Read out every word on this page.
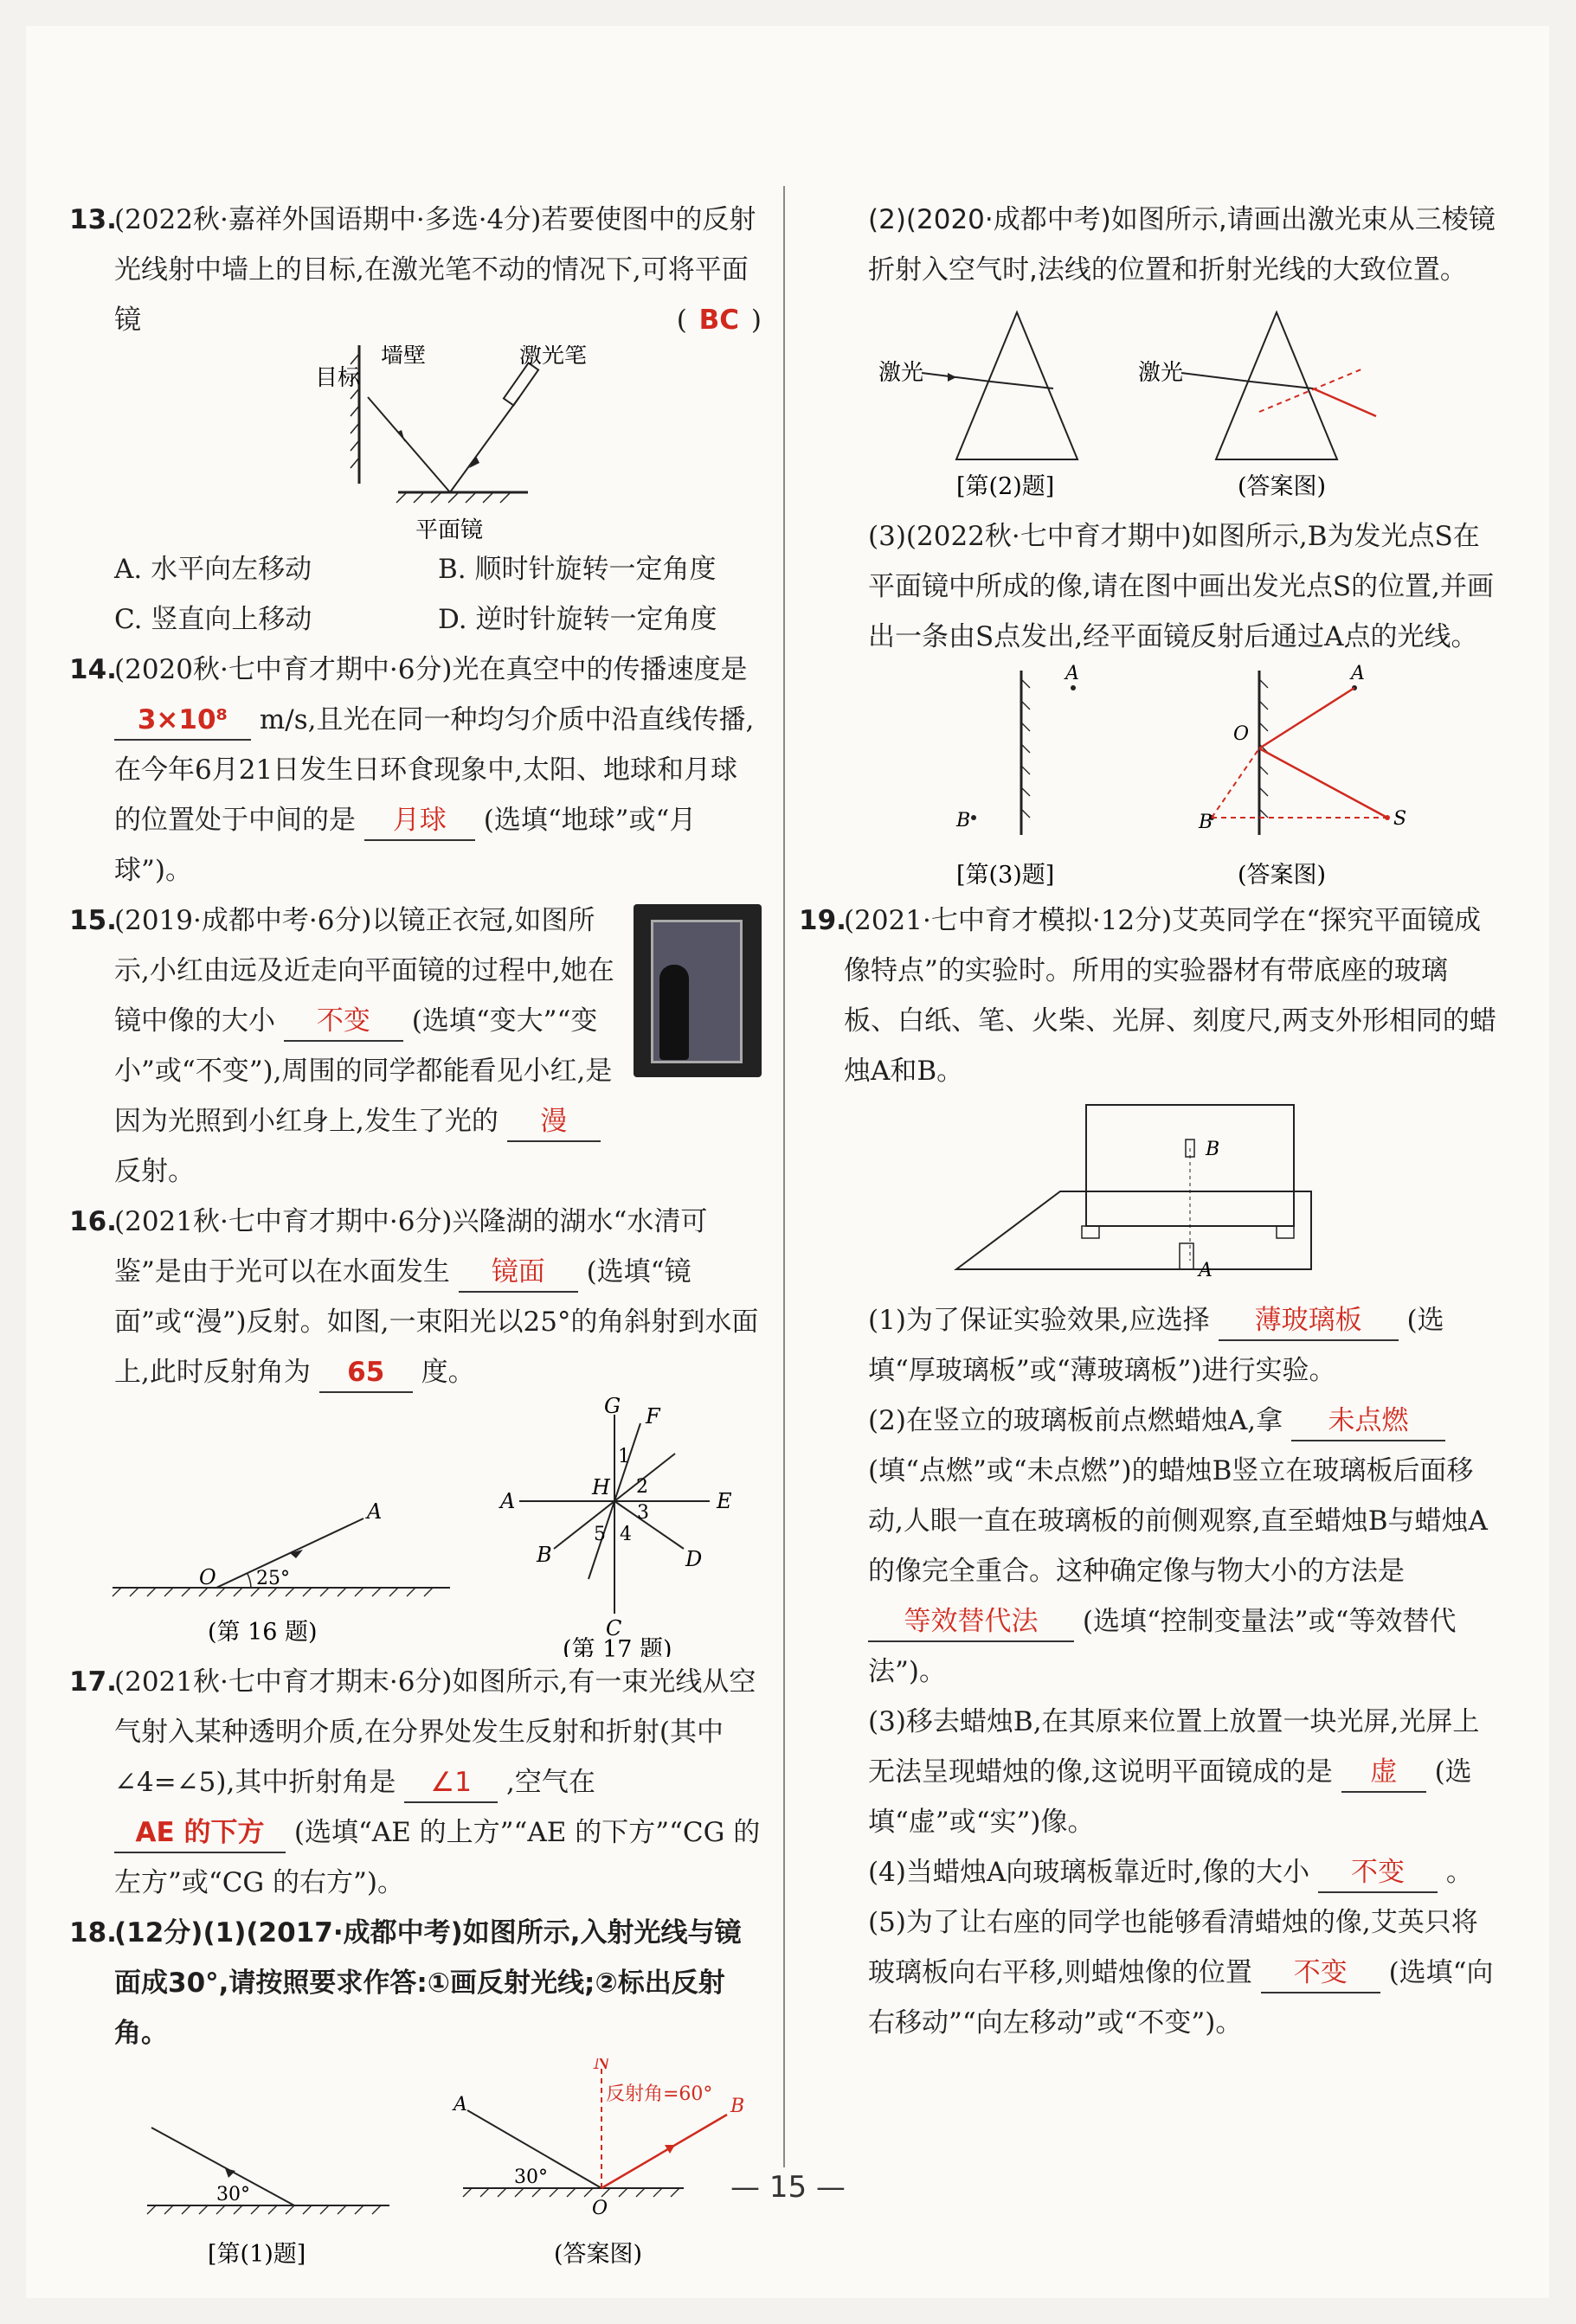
13.
(2022秋·嘉祥外国语期中·多选·4分)若要使图中的反射光线射中墙上的目标,在激光笔不动的情况下,可将平面镜	( BC )
目标
墙壁	激光笔
平面镜
A. 水平向左移动	B. 顺时针旋转一定角度
C. 竖直向上移动	D. 逆时针旋转一定角度
14.
(2020秋·七中育才期中·6分)光在真空中的传播速度是 3×10⁸ m/s,且光在同一种均匀介质中沿直线传播,在今年6月21日发生日环食现象中,太阳、地球和月球的位置处于中间的是 月球 (选填“地球”或“月球”)。
15.
(2019·成都中考·6分)以镜正衣冠,如图所示,小红由远及近走向平面镜的过程中,她在镜中像的大小 不变 (选填“变大”“变小”或“不变”),周围的同学都能看见小红,是因为光照到小红身上,发生了光的 漫 反射。
16.
(2021秋·七中育才期中·6分)兴隆湖的湖水“水清可鉴”是由于光可以在水面发生 镜面 (选填“镜面”或“漫”)反射。如图,一束阳光以25°的角斜射到水面上,此时反射角为 65 度。
O
A
25°
(第 16 题)
G F
A	E
H
B	D
C
1
2
3
4
5
(第 17 题)
17.
(2021秋·七中育才期末·6分)如图所示,有一束光线从空气射入某种透明介质,在分界处发生反射和折射(其中∠4=∠5),其中折射角是 ∠1 ,空气在 AE 的下方 (选填“AE 的上方”“AE 的下方”“CG 的左方”或“CG 的右方”)。
18.
(12分)(1)(2017·成都中考)如图所示,入射光线与镜面成30°,请按照要求作答:①画反射光线;②标出反射角。
30°
[第(1)题]
A
N
B
O
30°
反射角=60°
(答案图)
(2)(2020·成都中考)如图所示,请画出激光束从三棱镜折射入空气时,法线的位置和折射光线的大致位置。
激光
[第(2)题]
激光
(答案图)
(3)(2022秋·七中育才期中)如图所示,B为发光点S在平面镜中所成的像,请在图中画出发光点S的位置,并画出一条由S点发出,经平面镜反射后通过A点的光线。
A
B
A
B	S
O
[第(3)题]	(答案图)
19.
(2021·七中育才模拟·12分)艾英同学在“探究平面镜成像特点”的实验时。所用的实验器材有带底座的玻璃板、白纸、笔、火柴、光屏、刻度尺,两支外形相同的蜡烛A和B。
B
A
(1)为了保证实验效果,应选择 薄玻璃板 (选填“厚玻璃板”或“薄玻璃板”)进行实验。
(2)在竖立的玻璃板前点燃蜡烛A,拿 未点燃 (填“点燃”或“未点燃”)的蜡烛B竖立在玻璃板后面移动,人眼一直在玻璃板的前侧观察,直至蜡烛B与蜡烛A的像完全重合。这种确定像与物大小的方法是 等效替代法 (选填“控制变量法”或“等效替代法”)。
(3)移去蜡烛B,在其原来位置上放置一块光屏,光屏上无法呈现蜡烛的像,这说明平面镜成的是 虚 (选填“虚”或“实”)像。
(4)当蜡烛A向玻璃板靠近时,像的大小 不变 。
(5)为了让右座的同学也能够看清蜡烛的像,艾英只将玻璃板向右平移,则蜡烛像的位置 不变 (选填“向右移动”“向左移动”或“不变”)。
— 15 —
